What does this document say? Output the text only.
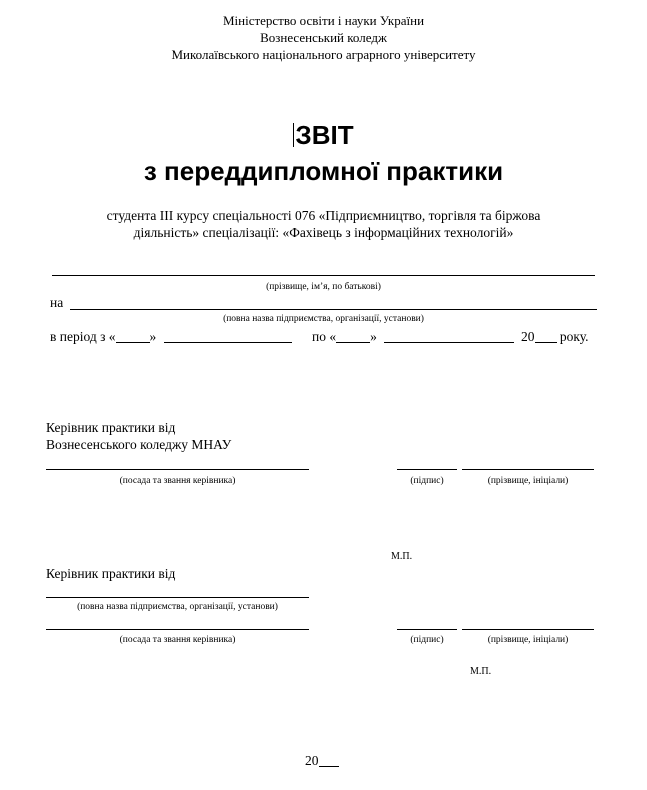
Міністерство освіти і науки України
Вознесенський коледж
Миколаївського національного аграрного університету
ЗВІТ
з переддипломної практики
студента ІІІ курсу спеціальності 076 «Підприємництво, торгівля та біржова
діяльність» спеціалізації: «Фахівець з інформаційних технологій»
(прізвище, ім’я, по батькові)
на
(повна назва підприємства, організації, установи)
в період з «	»	по «	»	20 року.
Керівник практики від
Вознесенського коледжу МНАУ
(посада та звання керівника)	(підпис)	(прізвище, ініціали)
М.П.
Керівник практики від
(повна назва підприємства, організації, установи)
(посада та звання керівника)	(підпис)	(прізвище, ініціали)
М.П.
20
